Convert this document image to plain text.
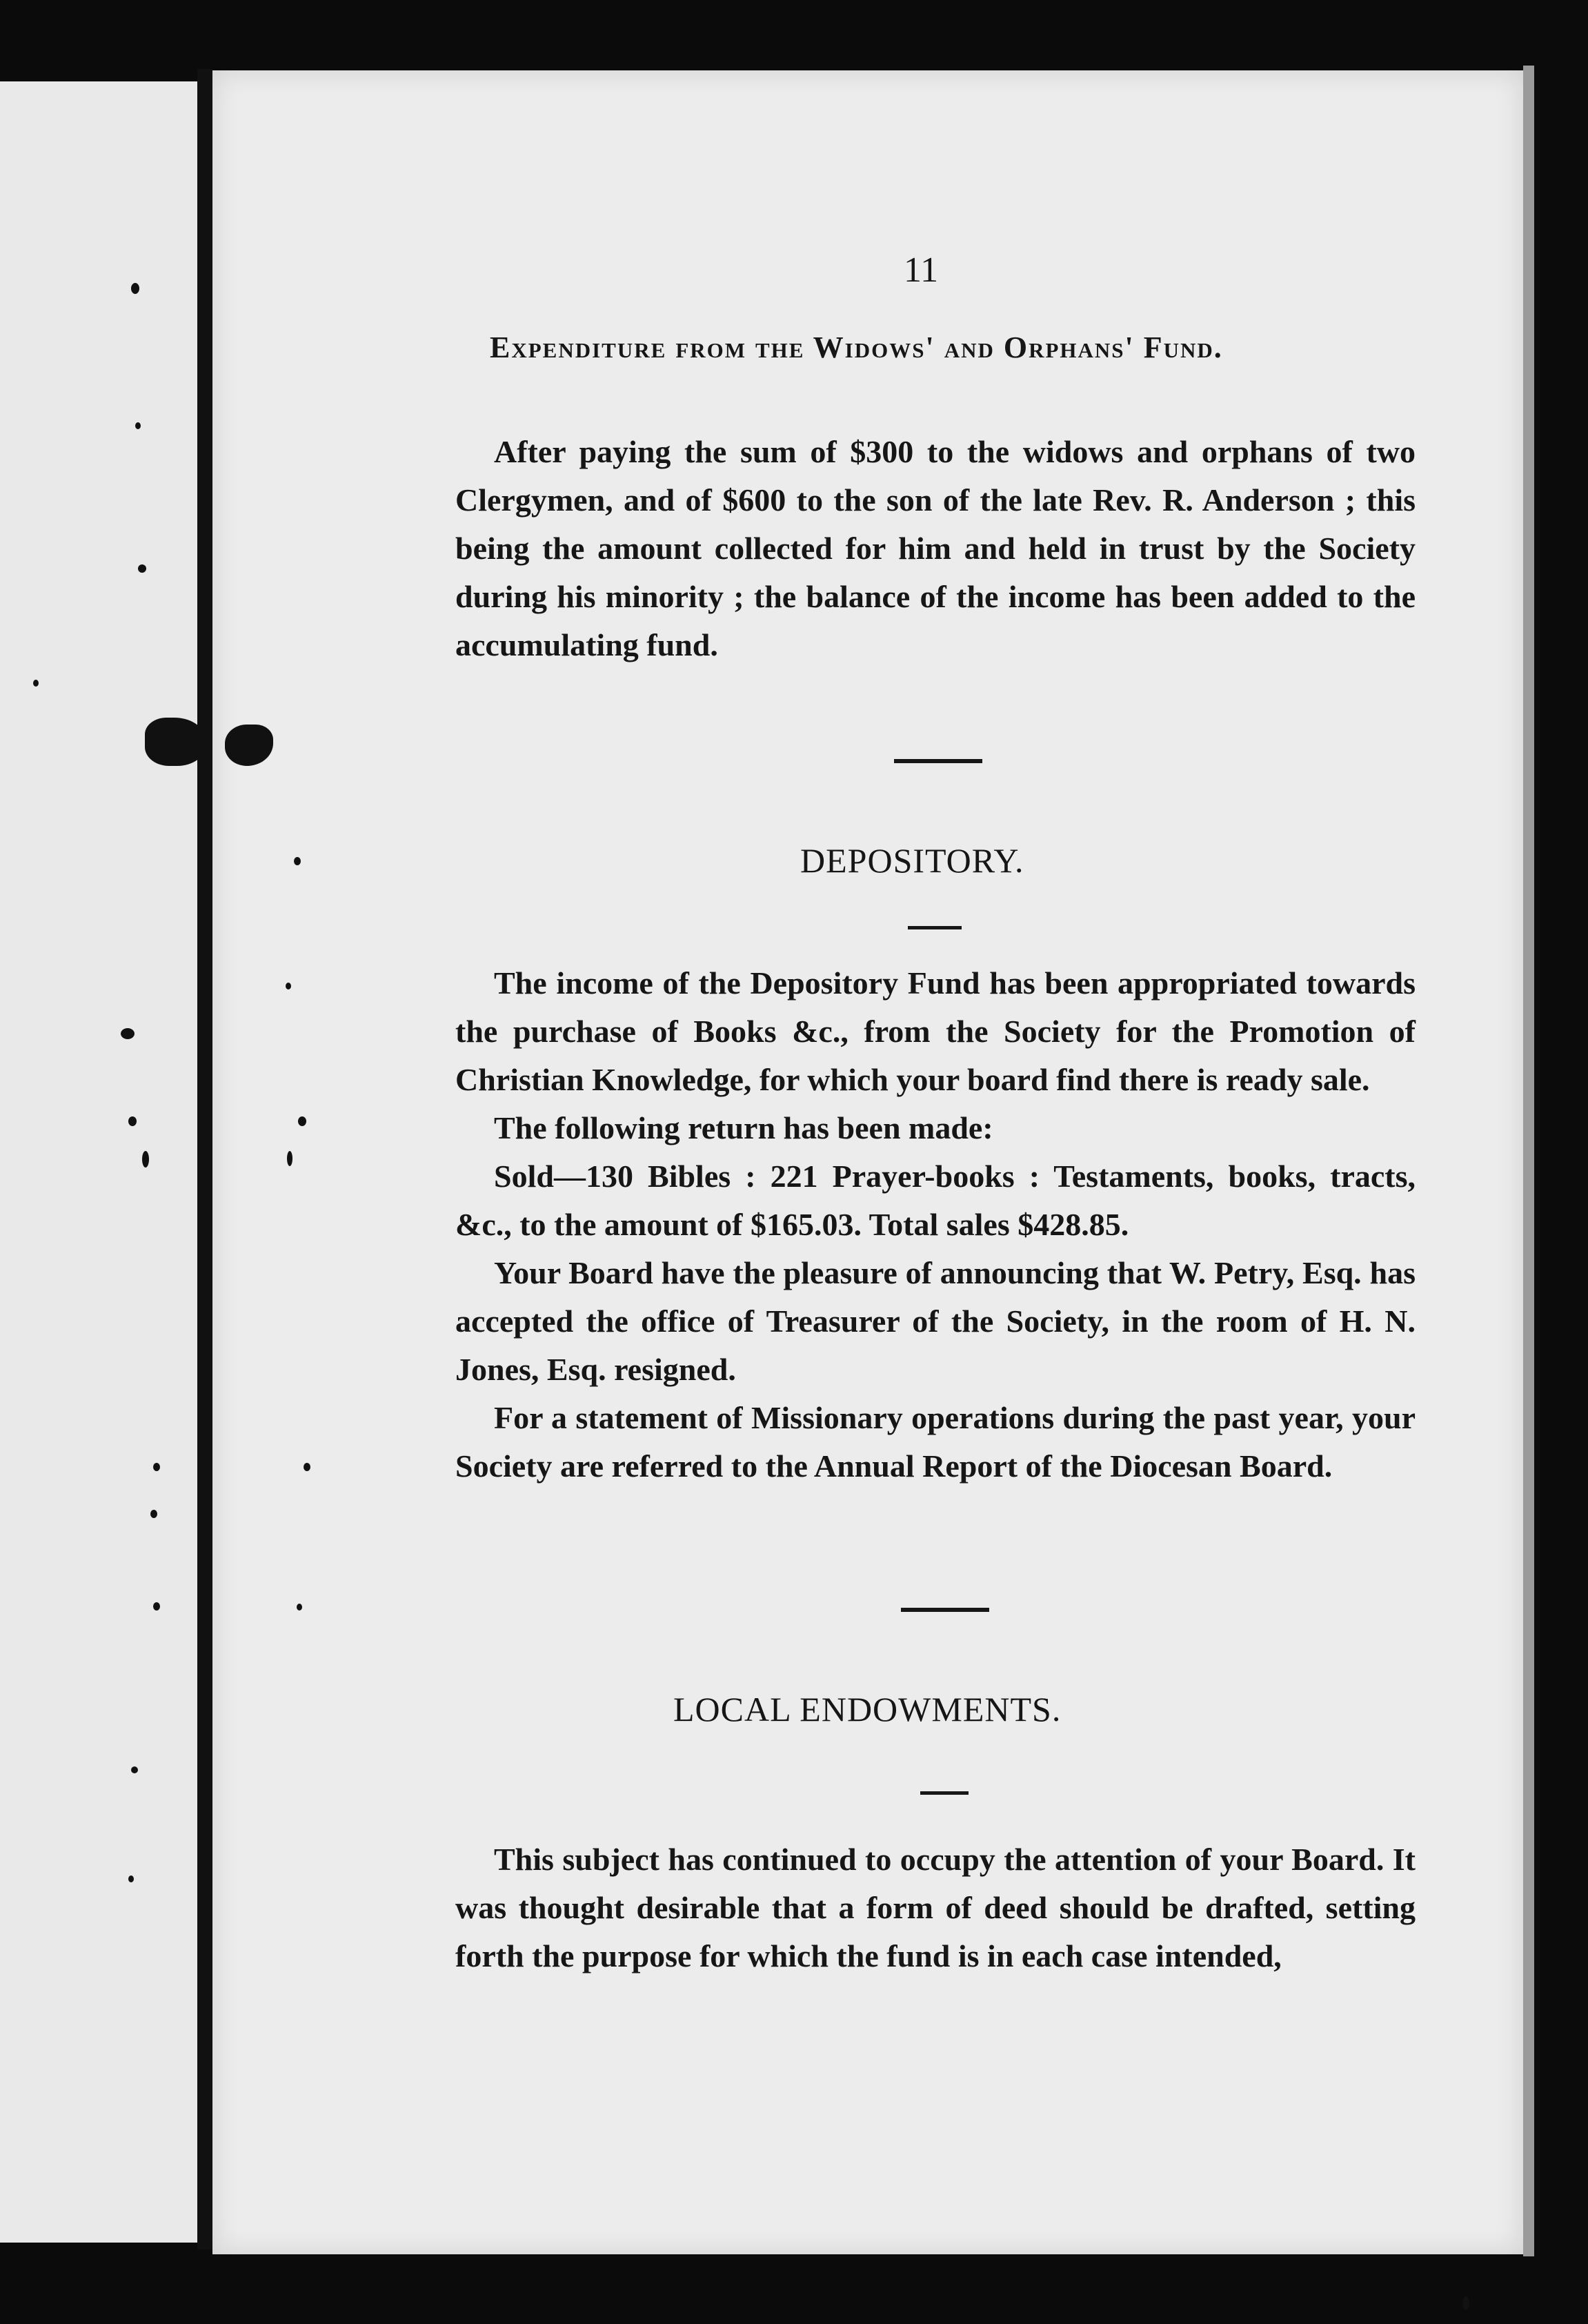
11
Expenditure from the Widows' and Orphans' Fund.

After paying the sum of $300 to the widows and orphans of two Clergymen, and of $600 to the son of the late Rev. R. Anderson ; this being the amount collected for him and held in trust by the Society during his minority ; the balance of the income has been added to the accumulating fund.

DEPOSITORY.

The income of the Depository Fund has been appropriated towards the purchase of Books &c., from the Society for the Promotion of Christian Knowledge, for which your board find there is ready sale.

The following return has been made:

Sold—130 Bibles : 221 Prayer-books : Testaments, books, tracts, &c., to the amount of $165.03. Total sales $428.85.

Your Board have the pleasure of announcing that W. Petry, Esq. has accepted the office of Treasurer of the Society, in the room of H. N. Jones, Esq. resigned.

For a statement of Missionary operations during the past year, your Society are referred to the Annual Report of the Diocesan Board.

LOCAL ENDOWMENTS.

This subject has continued to occupy the attention of your Board. It was thought desirable that a form of deed should be drafted, setting forth the purpose for which the fund is in each case intended,
